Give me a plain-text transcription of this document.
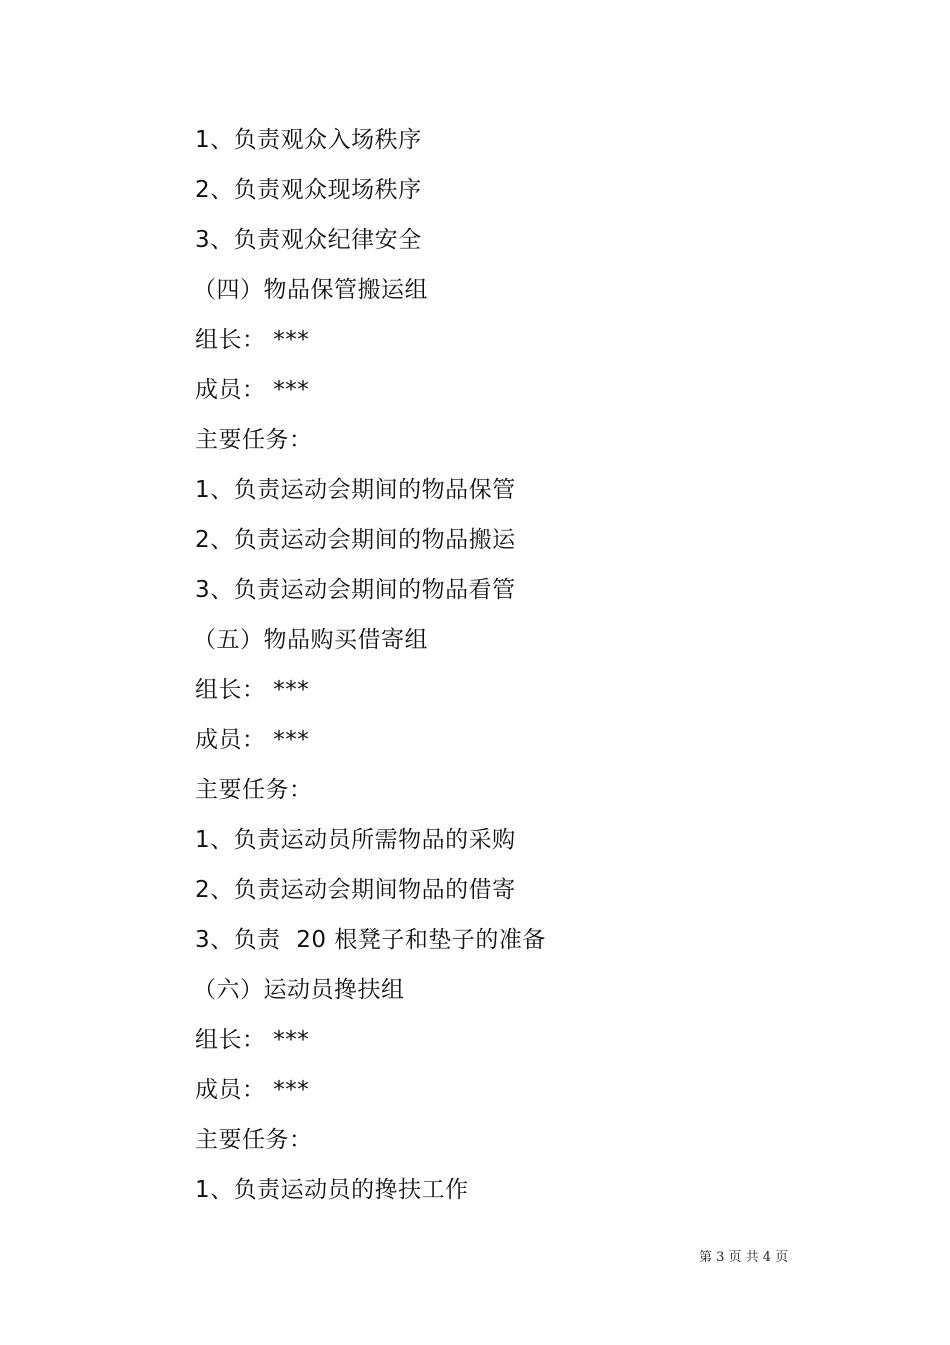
1、负责观众入场秩序
2、负责观众现场秩序
3、负责观众纪律安全
（四）物品保管搬运组
组长： ***
成员： ***
主要任务：
1、负责运动会期间的物品保管
2、负责运动会期间的物品搬运
3、负责运动会期间的物品看管
（五）物品购买借寄组
组长： ***
成员： ***
主要任务：
1、负责运动员所需物品的采购
2、负责运动会期间物品的借寄
3、负责  20 根凳子和垫子的准备
（六）运动员搀扶组
组长： ***
成员： ***
主要任务：
1、负责运动员的搀扶工作
第 3 页 共 4 页
